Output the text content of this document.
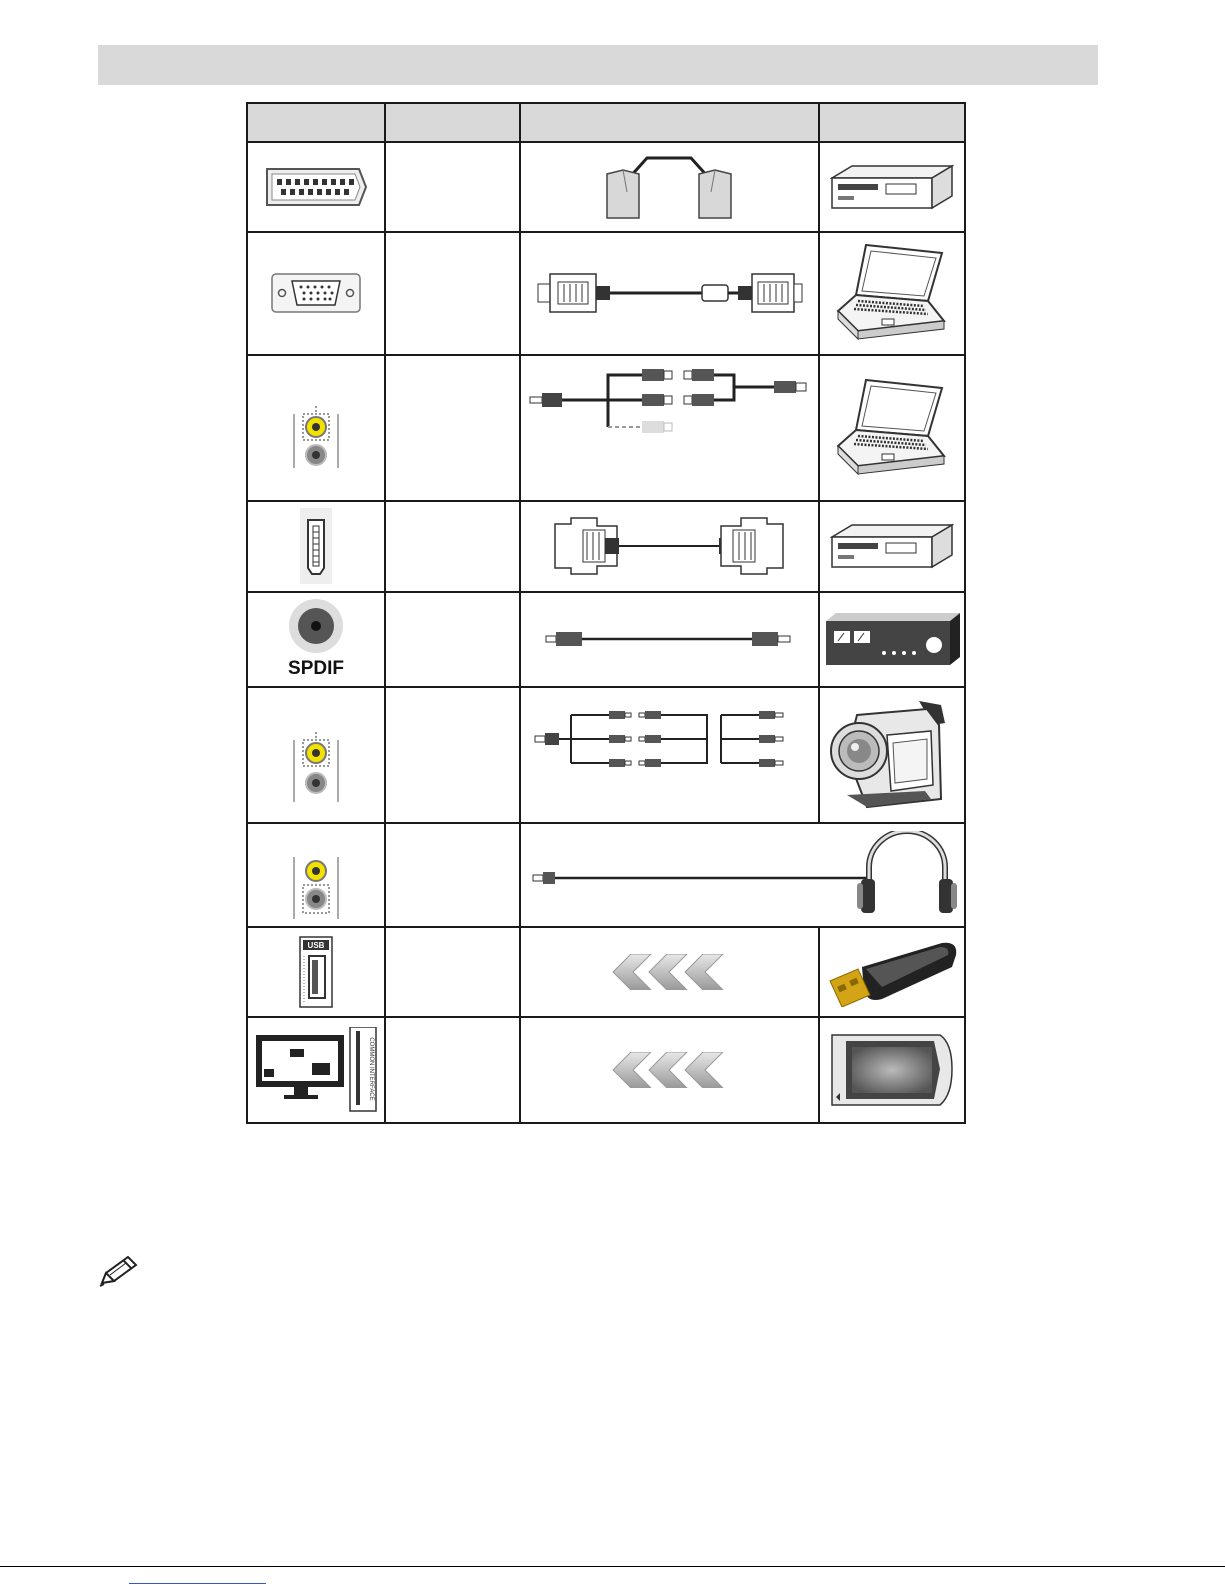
SPDIF
USB
COMMON INTERFACE
